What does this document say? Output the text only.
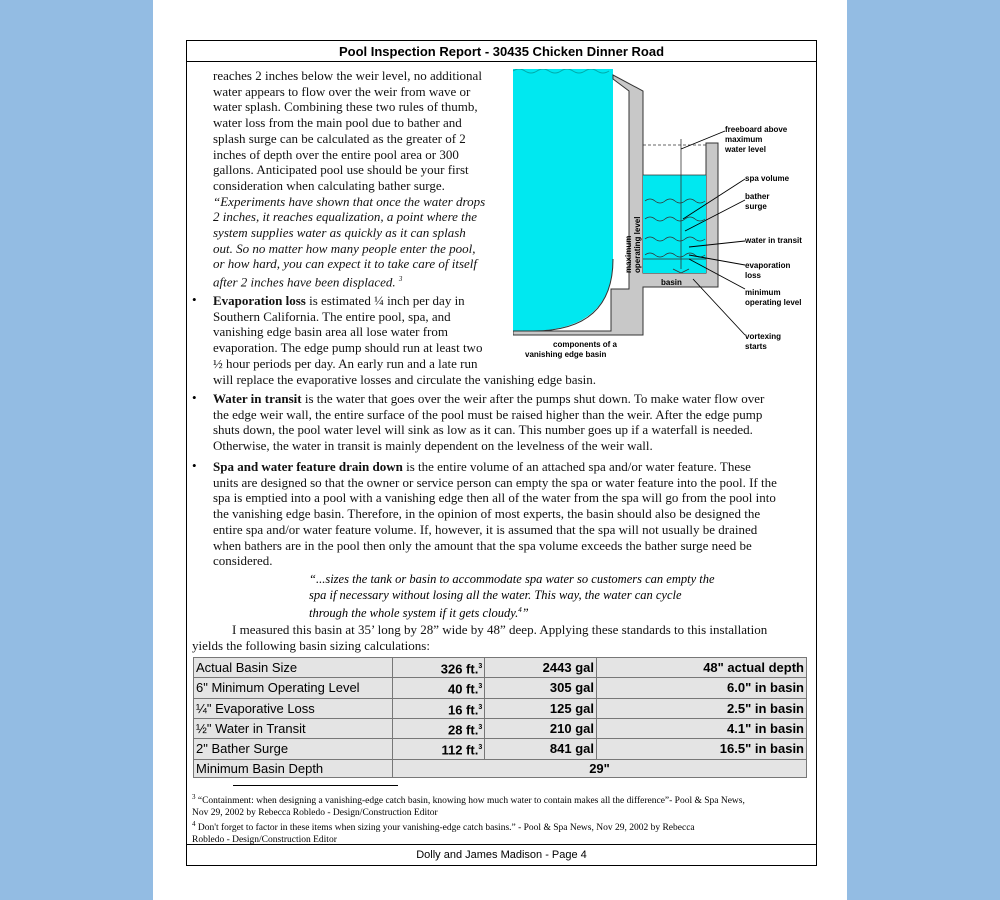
Pool Inspection Report - 30435 Chicken Dinner Road
reaches 2 inches below the weir level, no additional
water appears to flow over the weir from wave or
water splash. Combining these two rules of thumb,
water loss from the main pool due to bather and
splash surge can be calculated as the greater of 2
inches of depth over the entire pool area or 300
gallons. Anticipated pool use should be your first
consideration when calculating bather surge.
“Experiments have shown that once the water drops
2 inches, it reaches equalization, a point where the
system supplies water as quickly as it can splash
out. So no matter how many people enter the pool,
or how hard, you can expect it to take care of itself
after 2 inches have been displaced. $^3$
• Evaporation loss is estimated ¼ inch per day in
Southern California. The entire pool, spa, and
vanishing edge basin area all lose water from
evaporation. The edge pump should run at least two
½ hour periods per day. An early run and a late run
will replace the evaporative losses and circulate the vanishing edge basin.
• Water in transit is the water that goes over the weir after the pumps shut down. To make water flow over
the edge weir wall, the entire surface of the pool must be raised higher than the weir. After the edge pump
shuts down, the pool water level will sink as low as it can. This number goes up if a waterfall is needed.
Otherwise, the water in transit is mainly dependent on the levelness of the weir wall.
• Spa and water feature drain down is the entire volume of an attached spa and/or water feature. These
units are designed so that the owner or service person can empty the spa or water feature into the pool. If the
spa is emptied into a pool with a vanishing edge then all of the water from the spa will go from the pool into
the vanishing edge basin. Therefore, in the opinion of most experts, the basin should also be designed the
entire spa and/or water feature volume. If, however, it is assumed that the spa will not usually be drained
when bathers are in the pool then only the amount that the spa volume exceeds the bather surge need be
considered.
“...sizes the tank or basin to accommodate spa water so customers can empty the
spa if necessary without losing all the water. This way, the water can cycle
through the whole system if it gets cloudy.$^4$”
I measured this basin at 35’ long by 28” wide by 48” deep. Applying these standards to this installation
yields the following basin sizing calculations:
Actual Basin Size	326 ft.$^3$	2443 gal	48" actual depth
6" Minimum Operating Level	40 ft.$^3$	305 gal	6.0" in basin
¼" Evaporative Loss	16 ft.$^3$	125 gal	2.5" in basin
½" Water in Transit	28 ft.$^3$	210 gal	4.1" in basin
2" Bather Surge	112 ft.$^3$	841 gal	16.5" in basin
Minimum Basin Depth	29"		
$^3$ “Containment: when designing a vanishing-edge catch basin, knowing how much water to contain makes all the difference”- Pool & Spa News,
Nov 29, 2002 by Rebecca Robledo - Design/Construction Editor
$^4$ Don't forget to factor in these items when sizing your vanishing-edge catch basins.” - Pool & Spa News, Nov 29, 2002 by Rebecca
Robledo - Design/Construction Editor
freeboard above maximum water level
spa volume
bather surge
water in transit
evaporation loss
minimum operating level
vortexing starts
basin
maximumoperating level
components of a vanishing edge basin
Dolly and James Madison - Page 4
